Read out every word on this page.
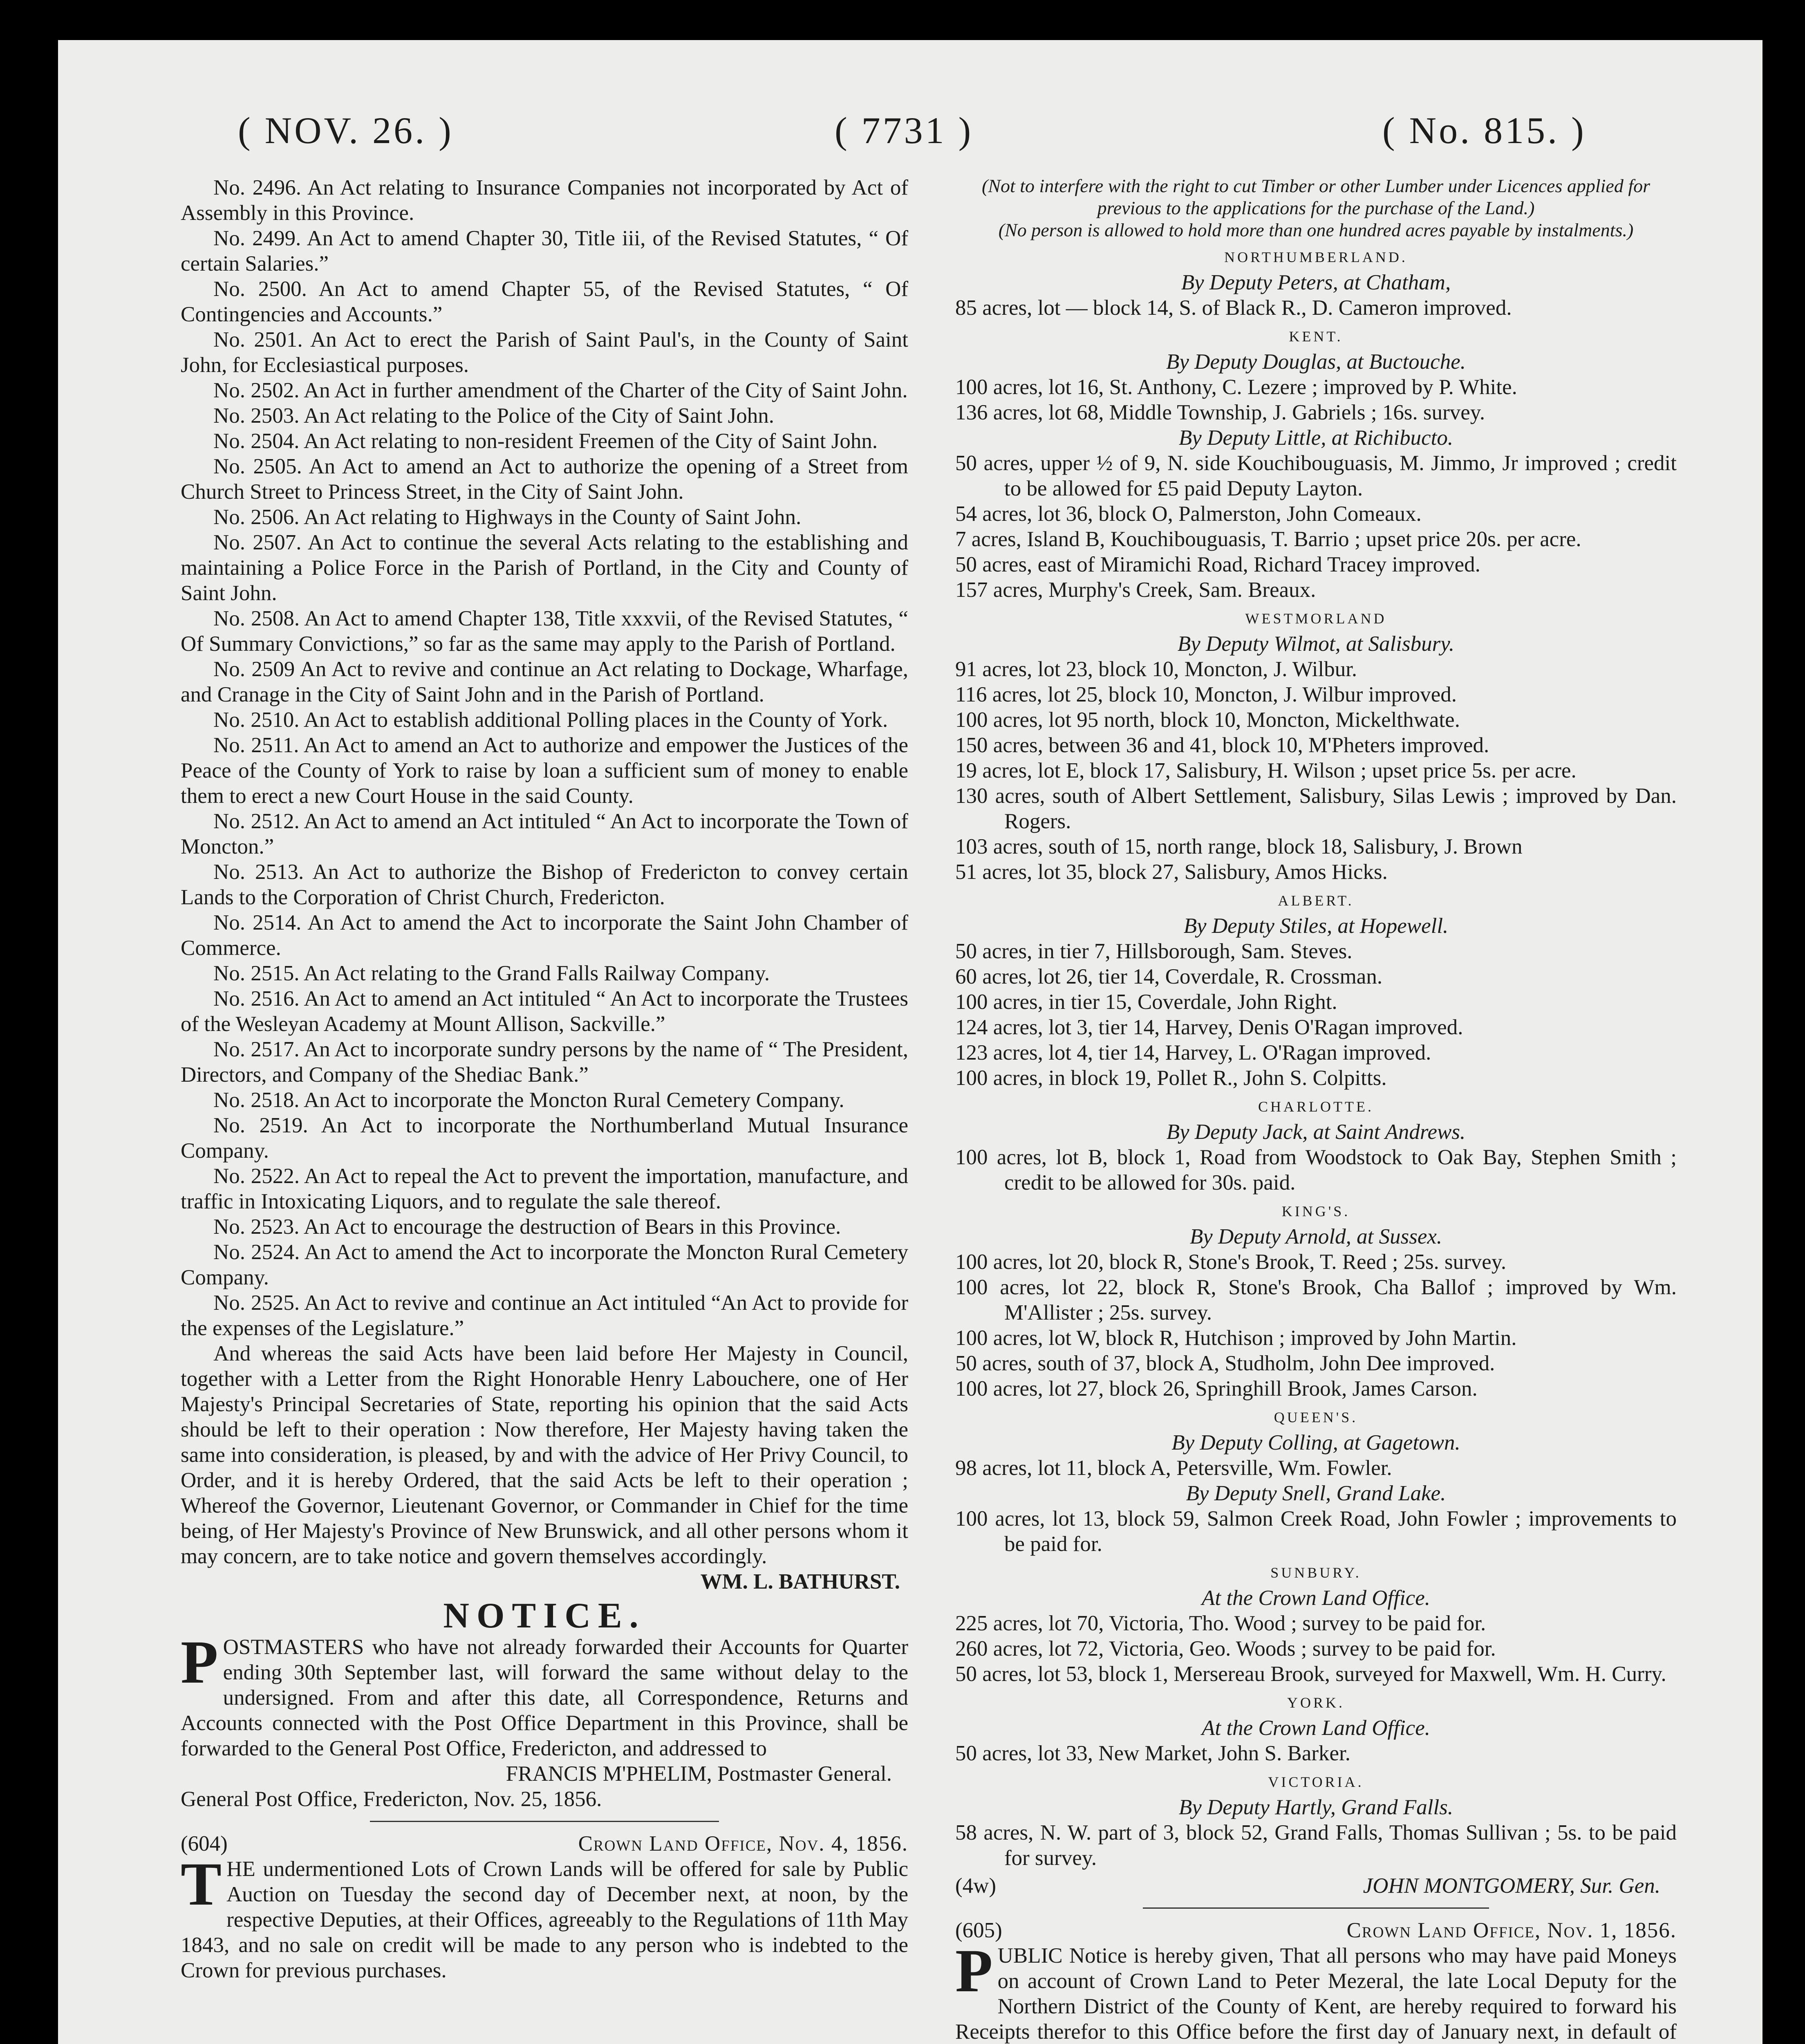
( NOV. 26. )	( 7731 )	( No. 815. )

No. 2496. An Act relating to Insurance Companies not incorporated by Act of Assembly in this Province.

No. 2499. An Act to amend Chapter 30, Title iii, of the Revised Statutes, “ Of certain Salaries.”

No. 2500. An Act to amend Chapter 55, of the Revised Statutes, “ Of Contingencies and Accounts.”

No. 2501. An Act to erect the Parish of Saint Paul's, in the County of Saint John, for Ecclesiastical purposes.

No. 2502. An Act in further amendment of the Charter of the City of Saint John.

No. 2503. An Act relating to the Police of the City of Saint John.

No. 2504. An Act relating to non-resident Freemen of the City of Saint John.

No. 2505. An Act to amend an Act to authorize the opening of a Street from Church Street to Princess Street, in the City of Saint John.

No. 2506. An Act relating to Highways in the County of Saint John.

No. 2507. An Act to continue the several Acts relating to the establishing and maintaining a Police Force in the Parish of Portland, in the City and County of Saint John.

No. 2508. An Act to amend Chapter 138, Title xxxvii, of the Revised Statutes, “ Of Summary Convictions,” so far as the same may apply to the Parish of Portland.

No. 2509 An Act to revive and continue an Act relating to Dockage, Wharfage, and Cranage in the City of Saint John and in the Parish of Portland.

No. 2510. An Act to establish additional Polling places in the County of York.

No. 2511. An Act to amend an Act to authorize and empower the Justices of the Peace of the County of York to raise by loan a sufficient sum of money to enable them to erect a new Court House in the said County.

No. 2512. An Act to amend an Act intituled “ An Act to incorporate the Town of Moncton.”

No. 2513. An Act to authorize the Bishop of Fredericton to convey certain Lands to the Corporation of Christ Church, Fredericton.

No. 2514. An Act to amend the Act to incorporate the Saint John Chamber of Commerce.

No. 2515. An Act relating to the Grand Falls Railway Company.

No. 2516. An Act to amend an Act intituled “ An Act to incorporate the Trustees of the Wesleyan Academy at Mount Allison, Sackville.”

No. 2517. An Act to incorporate sundry persons by the name of “ The President, Directors, and Company of the Shediac Bank.”

No. 2518. An Act to incorporate the Moncton Rural Cemetery Company.

No. 2519. An Act to incorporate the Northumberland Mutual Insurance Company.

No. 2522. An Act to repeal the Act to prevent the importation, manufacture, and traffic in Intoxicating Liquors, and to regulate the sale thereof.

No. 2523. An Act to encourage the destruction of Bears in this Province.

No. 2524. An Act to amend the Act to incorporate the Moncton Rural Cemetery Company.

No. 2525. An Act to revive and continue an Act intituled “An Act to provide for the expenses of the Legislature.”

And whereas the said Acts have been laid before Her Majesty in Council, together with a Letter from the Right Honorable Henry Labouchere, one of Her Majesty's Principal Secretaries of State, reporting his opinion that the said Acts should be left to their operation : Now therefore, Her Majesty having taken the same into consideration, is pleased, by and with the advice of Her Privy Council, to Order, and it is hereby Ordered, that the said Acts be left to their operation ; Whereof the Governor, Lieutenant Governor, or Commander in Chief for the time being, of Her Majesty's Province of New Brunswick, and all other persons whom it may concern, are to take notice and govern themselves accordingly.

WM. L. BATHURST.
NOTICE.

POSTMASTERS who have not already forwarded their Accounts for Quarter ending 30th September last, will forward the same without delay to the undersigned. From and after this date, all Correspondence, Returns and Accounts connected with the Post Office Department in this Province, shall be forwarded to the General Post Office, Fredericton, and addressed to

FRANCIS M'PHELIM, Postmaster General.
General Post Office, Fredericton, Nov. 25, 1856.
(604)	Crown Land Office, Nov. 4, 1856.

THE undermentioned Lots of Crown Lands will be offered for sale by Public Auction on Tuesday the second day of December next, at noon, by the respective Deputies, at their Offices, agreeably to the Regulations of 11th May 1843, and no sale on credit will be made to any person who is indebted to the Crown for previous purchases.

(Not to interfere with the right to cut Timber or other Lumber under Licences applied for previous to the applications for the purchase of the Land.)
(No person is allowed to hold more than one hundred acres payable by instalments.)
NORTHUMBERLAND.
By Deputy Peters, at Chatham,

85 acres, lot — block 14, S. of Black R., D. Cameron improved.

KENT.
By Deputy Douglas, at Buctouche.

100 acres, lot 16, St. Anthony, C. Lezere ; improved by P. White.

136 acres, lot 68, Middle Township, J. Gabriels ; 16s. survey.

By Deputy Little, at Richibucto.

50 acres, upper ½ of 9, N. side Kouchibouguasis, M. Jimmo, Jr improved ; credit to be allowed for £5 paid Deputy Layton.

54 acres, lot 36, block O, Palmerston, John Comeaux.

7 acres, Island B, Kouchibouguasis, T. Barrio ; upset price 20s. per acre.

50 acres, east of Miramichi Road, Richard Tracey improved.

157 acres, Murphy's Creek, Sam. Breaux.

WESTMORLAND
By Deputy Wilmot, at Salisbury.

91 acres, lot 23, block 10, Moncton, J. Wilbur.

116 acres, lot 25, block 10, Moncton, J. Wilbur improved.

100 acres, lot 95 north, block 10, Moncton, Mickelthwate.

150 acres, between 36 and 41, block 10, M'Pheters improved.

19 acres, lot E, block 17, Salisbury, H. Wilson ; upset price 5s. per acre.

130 acres, south of Albert Settlement, Salisbury, Silas Lewis ; improved by Dan. Rogers.

103 acres, south of 15, north range, block 18, Salisbury, J. Brown

51 acres, lot 35, block 27, Salisbury, Amos Hicks.

ALBERT.
By Deputy Stiles, at Hopewell.

50 acres, in tier 7, Hillsborough, Sam. Steves.

60 acres, lot 26, tier 14, Coverdale, R. Crossman.

100 acres, in tier 15, Coverdale, John Right.

124 acres, lot 3, tier 14, Harvey, Denis O'Ragan improved.

123 acres, lot 4, tier 14, Harvey, L. O'Ragan improved.

100 acres, in block 19, Pollet R., John S. Colpitts.

CHARLOTTE.
By Deputy Jack, at Saint Andrews.

100 acres, lot B, block 1, Road from Woodstock to Oak Bay, Stephen Smith ; credit to be allowed for 30s. paid.

KING'S.
By Deputy Arnold, at Sussex.

100 acres, lot 20, block R, Stone's Brook, T. Reed ; 25s. survey.

100 acres, lot 22, block R, Stone's Brook, Cha Ballof ; improved by Wm. M'Allister ; 25s. survey.

100 acres, lot W, block R, Hutchison ; improved by John Martin.

50 acres, south of 37, block A, Studholm, John Dee improved.

100 acres, lot 27, block 26, Springhill Brook, James Carson.

QUEEN'S.
By Deputy Colling, at Gagetown.

98 acres, lot 11, block A, Petersville, Wm. Fowler.

By Deputy Snell, Grand Lake.

100 acres, lot 13, block 59, Salmon Creek Road, John Fowler ; improvements to be paid for.

SUNBURY.
At the Crown Land Office.

225 acres, lot 70, Victoria, Tho. Wood ; survey to be paid for.

260 acres, lot 72, Victoria, Geo. Woods ; survey to be paid for.

50 acres, lot 53, block 1, Mersereau Brook, surveyed for Maxwell, Wm. H. Curry.

YORK.
At the Crown Land Office.

50 acres, lot 33, New Market, John S. Barker.

VICTORIA.
By Deputy Hartly, Grand Falls.

58 acres, N. W. part of 3, block 52, Grand Falls, Thomas Sullivan ; 5s. to be paid for survey.

(4w)	JOHN MONTGOMERY, Sur. Gen.
(605)	Crown Land Office, Nov. 1, 1856.

PUBLIC Notice is hereby given, That all persons who may have paid Moneys on account of Crown Land to Peter Mezeral, the late Local Deputy for the Northern District of the County of Kent, are hereby required to forward his Receipts therefor to this Office before the first day of January next, in default of
